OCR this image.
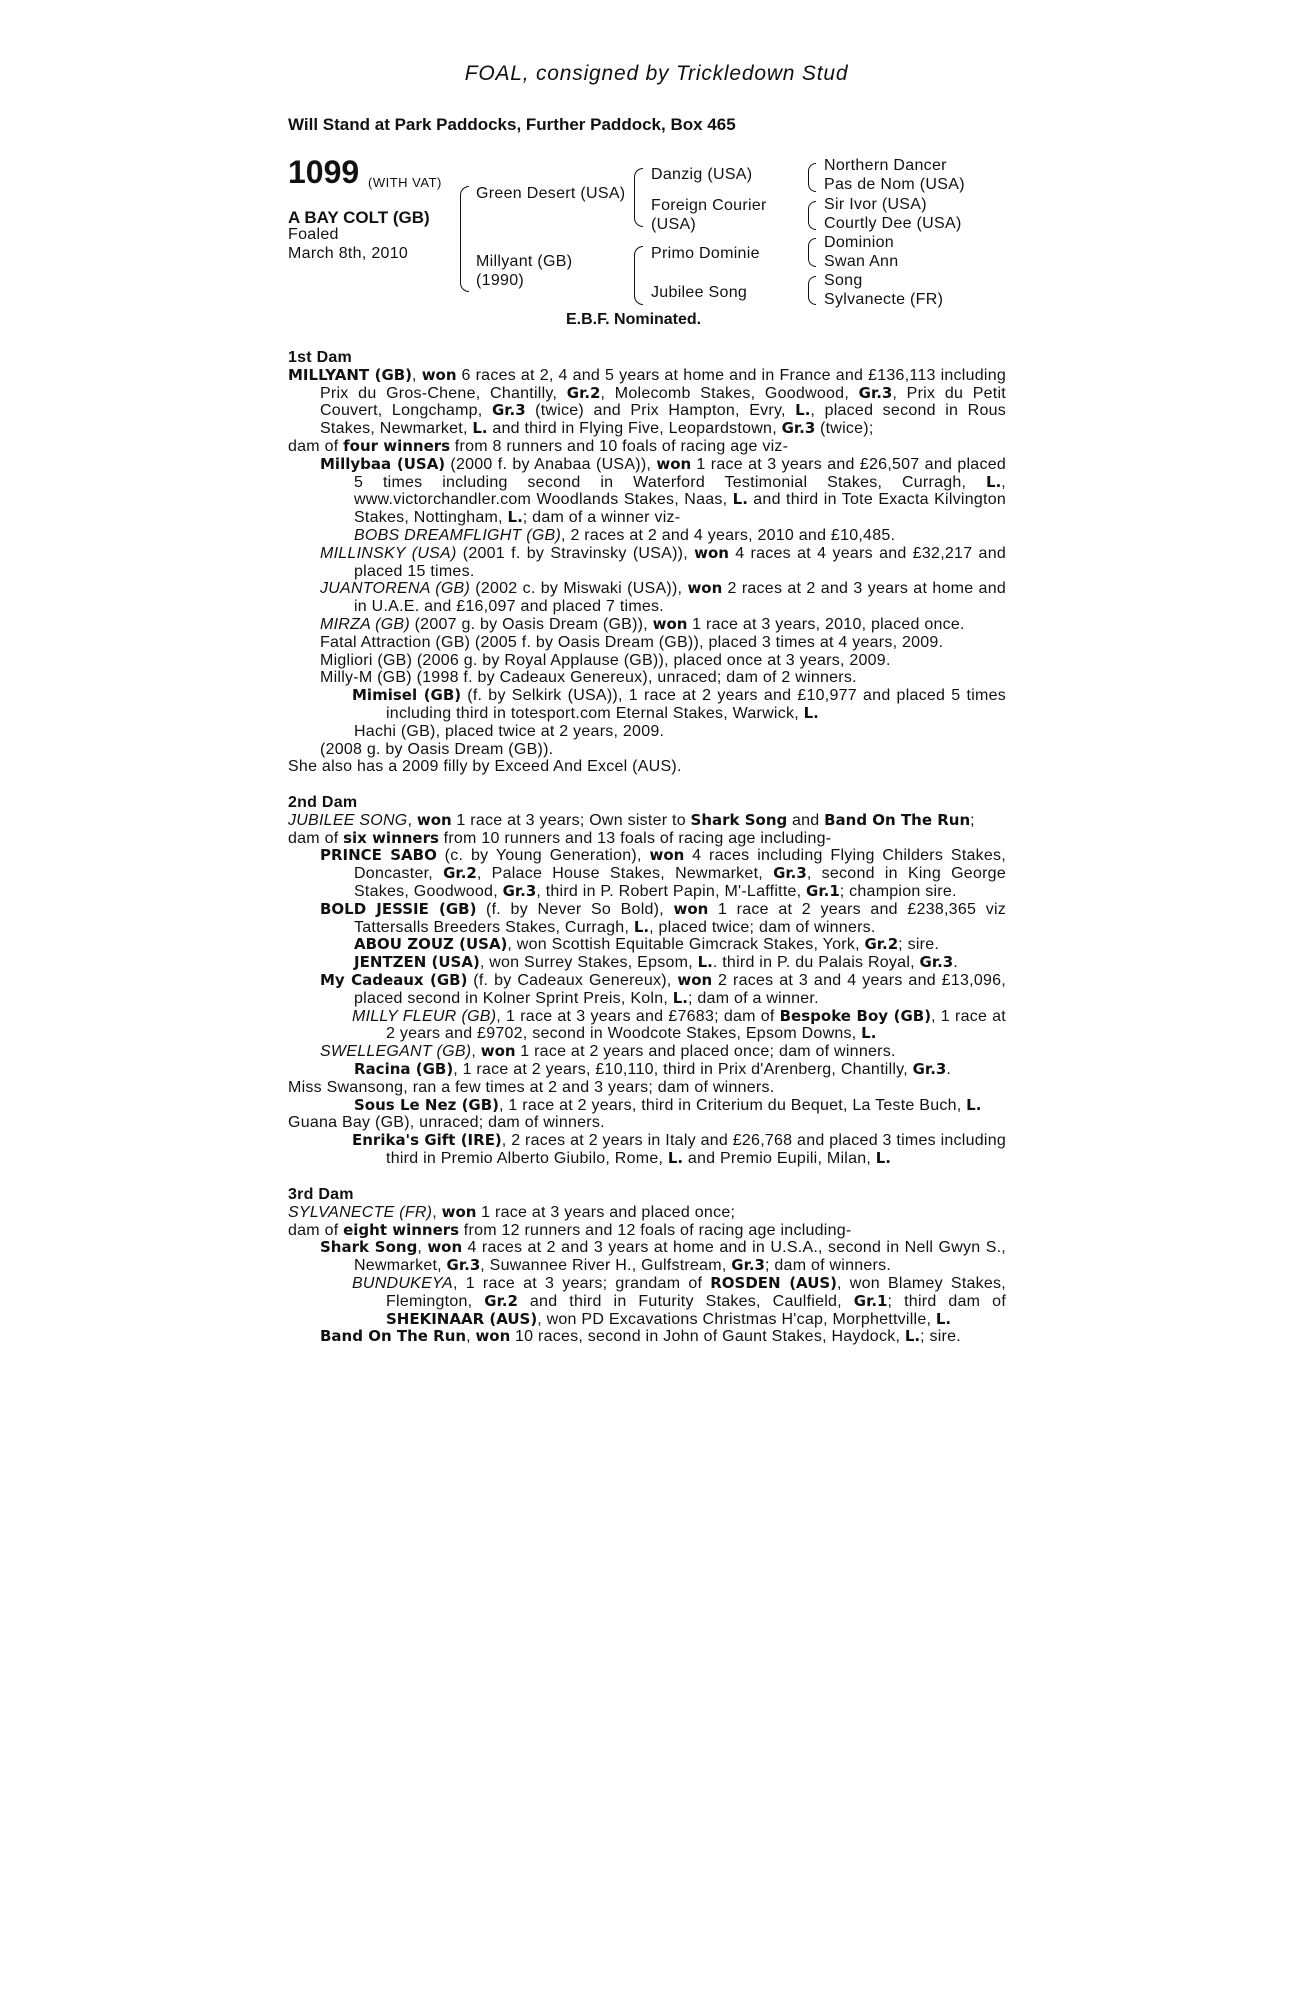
FOAL, consigned by Trickledown Stud
Will Stand at Park Paddocks, Further Paddock, Box 465
1099 (WITH VAT)
A BAY COLT (GB)
Foaled
March 8th, 2010
Green Desert (USA)
Millyant (GB)
(1990)
Danzig (USA)
Foreign Courier
(USA)
Primo Dominie
Jubilee Song
Northern Dancer
Pas de Nom (USA)
Sir Ivor (USA)
Courtly Dee (USA)
Dominion
Swan Ann
Song
Sylvanecte (FR)
E.B.F. Nominated.
1st Dam

MILLYANT (GB), won 6 races at 2, 4 and 5 years at home and in France and £136,113 including Prix du Gros-Chene, Chantilly, Gr.2, Molecomb Stakes, Goodwood, Gr.3, Prix du Petit Couvert, Longchamp, Gr.3 (twice) and Prix Hampton, Evry, L., placed second in Rous Stakes, Newmarket, L. and third in Flying Five, Leopardstown, Gr.3 (twice);

dam of four winners from 8 runners and 10 foals of racing age viz-

Millybaa (USA) (2000 f. by Anabaa (USA)), won 1 race at 3 years and £26,507 and placed 5 times including second in Waterford Testimonial Stakes, Curragh, L., www.victorchandler.com Woodlands Stakes, Naas, L. and third in Tote Exacta Kilvington Stakes, Nottingham, L.; dam of a winner viz-

BOBS DREAMFLIGHT (GB), 2 races at 2 and 4 years, 2010 and £10,485.

MILLINSKY (USA) (2001 f. by Stravinsky (USA)), won 4 races at 4 years and £32,217 and placed 15 times.

JUANTORENA (GB) (2002 c. by Miswaki (USA)), won 2 races at 2 and 3 years at home and in U.A.E. and £16,097 and placed 7 times.

MIRZA (GB) (2007 g. by Oasis Dream (GB)), won 1 race at 3 years, 2010, placed once.

Fatal Attraction (GB) (2005 f. by Oasis Dream (GB)), placed 3 times at 4 years, 2009.

Migliori (GB) (2006 g. by Royal Applause (GB)), placed once at 3 years, 2009.

Milly-M (GB) (1998 f. by Cadeaux Genereux), unraced; dam of 2 winners.

Mimisel (GB) (f. by Selkirk (USA)), 1 race at 2 years and £10,977 and placed 5 times including third in totesport.com Eternal Stakes, Warwick, L.

Hachi (GB), placed twice at 2 years, 2009.

(2008 g. by Oasis Dream (GB)).

She also has a 2009 filly by Exceed And Excel (AUS).

2nd Dam

JUBILEE SONG, won 1 race at 3 years; Own sister to Shark Song and Band On The Run;

dam of six winners from 10 runners and 13 foals of racing age including-

PRINCE SABO (c. by Young Generation), won 4 races including Flying Childers Stakes, Doncaster, Gr.2, Palace House Stakes, Newmarket, Gr.3, second in King George Stakes, Goodwood, Gr.3, third in P. Robert Papin, M'-Laffitte, Gr.1; champion sire.

BOLD JESSIE (GB) (f. by Never So Bold), won 1 race at 2 years and £238,365 viz Tattersalls Breeders Stakes, Curragh, L., placed twice; dam of winners.

ABOU ZOUZ (USA), won Scottish Equitable Gimcrack Stakes, York, Gr.2; sire.

JENTZEN (USA), won Surrey Stakes, Epsom, L.. third in P. du Palais Royal, Gr.3.

My Cadeaux (GB) (f. by Cadeaux Genereux), won 2 races at 3 and 4 years and £13,096, placed second in Kolner Sprint Preis, Koln, L.; dam of a winner.

MILLY FLEUR (GB), 1 race at 3 years and £7683; dam of Bespoke Boy (GB), 1 race at 2 years and £9702, second in Woodcote Stakes, Epsom Downs, L.

SWELLEGANT (GB), won 1 race at 2 years and placed once; dam of winners.

Racina (GB), 1 race at 2 years, £10,110, third in Prix d'Arenberg, Chantilly, Gr.3.

Miss Swansong, ran a few times at 2 and 3 years; dam of winners.

Sous Le Nez (GB), 1 race at 2 years, third in Criterium du Bequet, La Teste Buch, L.

Guana Bay (GB), unraced; dam of winners.

Enrika's Gift (IRE), 2 races at 2 years in Italy and £26,768 and placed 3 times including third in Premio Alberto Giubilo, Rome, L. and Premio Eupili, Milan, L.

3rd Dam

SYLVANECTE (FR), won 1 race at 3 years and placed once;

dam of eight winners from 12 runners and 12 foals of racing age including-

Shark Song, won 4 races at 2 and 3 years at home and in U.S.A., second in Nell Gwyn S., Newmarket, Gr.3, Suwannee River H., Gulfstream, Gr.3; dam of winners.

BUNDUKEYA, 1 race at 3 years; grandam of ROSDEN (AUS), won Blamey Stakes, Flemington, Gr.2 and third in Futurity Stakes, Caulfield, Gr.1; third dam of SHEKINAAR (AUS), won PD Excavations Christmas H'cap, Morphettville, L.

Band On The Run, won 10 races, second in John of Gaunt Stakes, Haydock, L.; sire.
